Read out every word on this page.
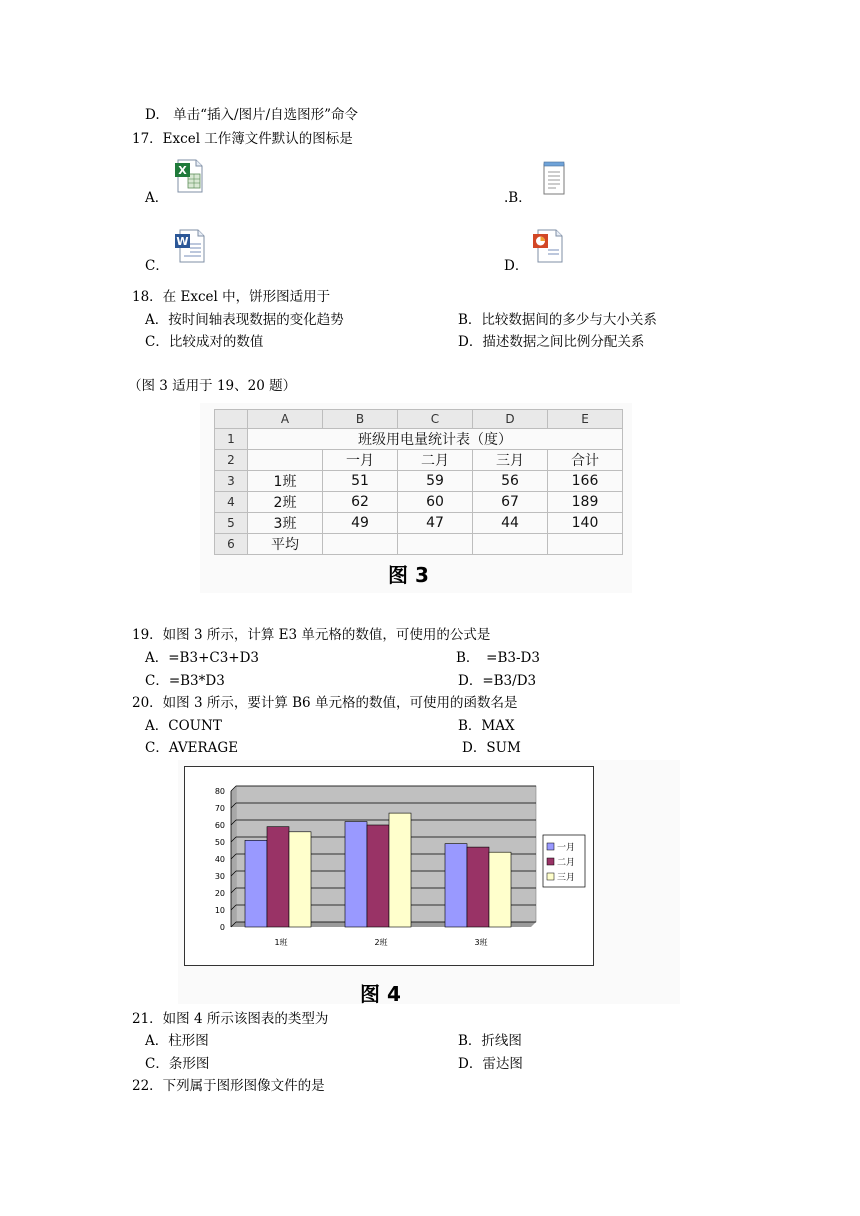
D.　单击“插入/图片/自选图形”命令
17．Excel 工作簿文件默认的图标是
A．
X
.B．
C．
W
D．
18．在 Excel 中，饼形图适用于
A．按时间轴表现数据的变化趋势	B．比较数据间的多少与大小关系
C．比较成对的数值	D．描述数据之间比例分配关系
（图 3 适用于 19、20 题）
	A	B	C	D	E
1	班级用电量统计表（度）				
2		一月	二月	三月	合计
3	1班	51	59	56	166
4	2班	62	60	67	189
5	3班	49	47	44	140
6	平均				
图 3
19．如图 3 所示，计算 E3 单元格的数值，可使用的公式是
A．=B3+C3+D3	B．　=B3-D3
C．=B3*D3	D．=B3/D3
20．如图 3 所示，要计算 B6 单元格的数值，可使用的函数名是
A．COUNT	B．MAX
C．AVERAGE	D．SUM
80
70
60
50
40
30
20
10
0
1班	2班	3班
一月
二月
三月
图 4
21．如图 4 所示该图表的类型为
A．柱形图	B．折线图
C．条形图	D．雷达图
22．下列属于图形图像文件的是
